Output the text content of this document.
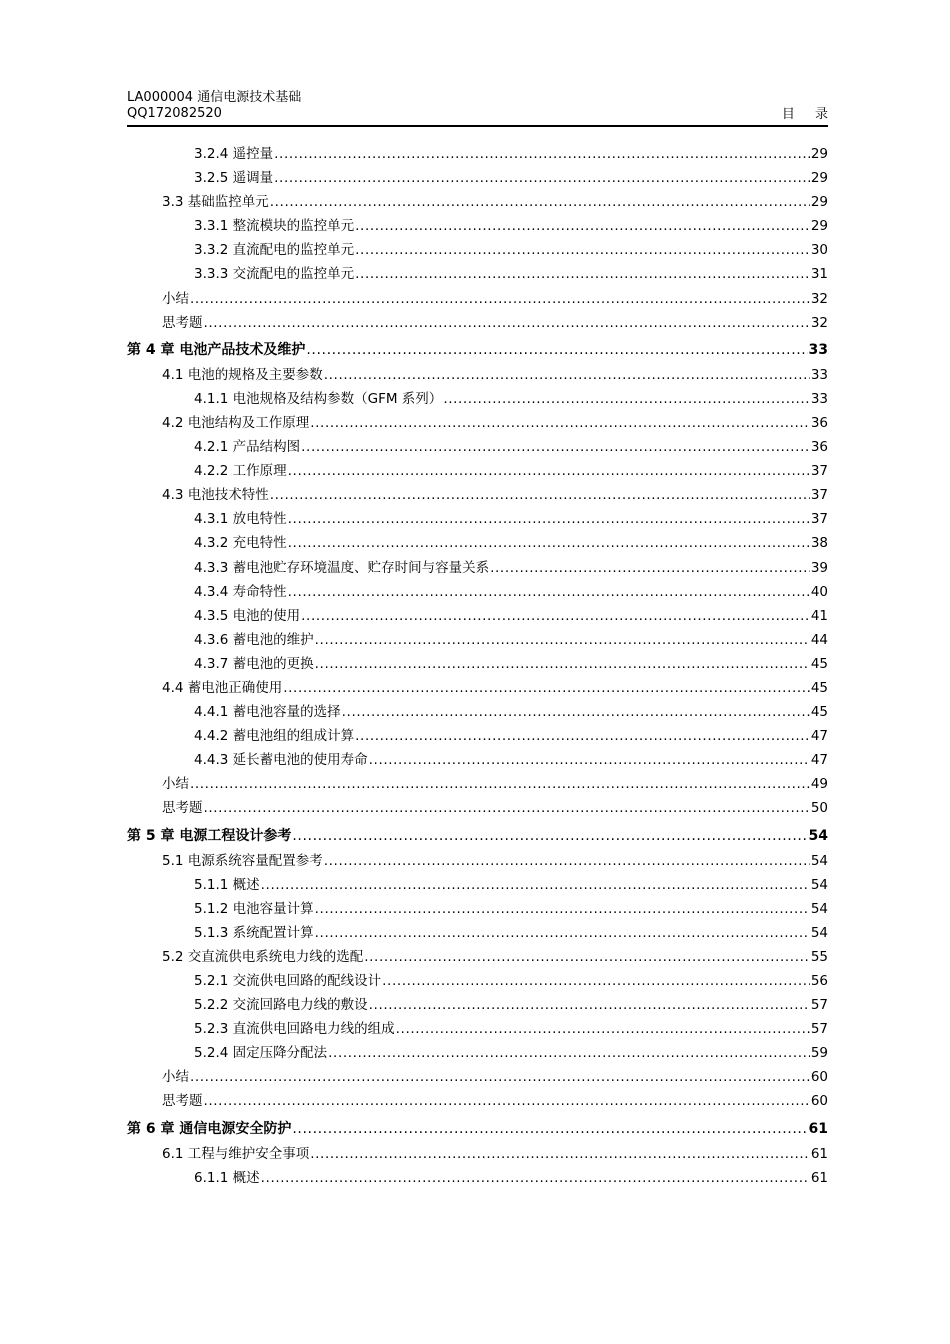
LA000004 通信电源技术基础
QQ172082520	目 录
3.2.4 遥控量 .....	29
3.2.5 遥调量 .....	29
3.3 基础监控单元 .....	29
3.3.1 整流模块的监控单元 .....	29
3.3.2 直流配电的监控单元 .....	30
3.3.3 交流配电的监控单元 .....	31
小结 .....	32
思考题 .....	32
第 4 章 电池产品技术及维护 .....	33
4.1 电池的规格及主要参数 .....	33
4.1.1 电池规格及结构参数（GFM 系列） .....	33
4.2 电池结构及工作原理 .....	36
4.2.1 产品结构图 .....	36
4.2.2 工作原理 .....	37
4.3 电池技术特性 .....	37
4.3.1 放电特性 .....	37
4.3.2 充电特性 .....	38
4.3.3 蓄电池贮存环境温度、贮存时间与容量关系 .....	39
4.3.4 寿命特性 .....	40
4.3.5 电池的使用 .....	41
4.3.6 蓄电池的维护 .....	44
4.3.7 蓄电池的更换 .....	45
4.4 蓄电池正确使用 .....	45
4.4.1 蓄电池容量的选择 .....	45
4.4.2 蓄电池组的组成计算 .....	47
4.4.3 延长蓄电池的使用寿命 .....	47
小结 .....	49
思考题 .....	50
第 5 章 电源工程设计参考 .....	54
5.1 电源系统容量配置参考 .....	54
5.1.1 概述 .....	54
5.1.2 电池容量计算 .....	54
5.1.3 系统配置计算 .....	54
5.2 交直流供电系统电力线的选配 .....	55
5.2.1 交流供电回路的配线设计 .....	56
5.2.2 交流回路电力线的敷设 .....	57
5.2.3 直流供电回路电力线的组成 .....	57
5.2.4 固定压降分配法 .....	59
小结 .....	60
思考题 .....	60
第 6 章 通信电源安全防护 .....	61
6.1 工程与维护安全事项 .....	61
6.1.1 概述 .....	61
